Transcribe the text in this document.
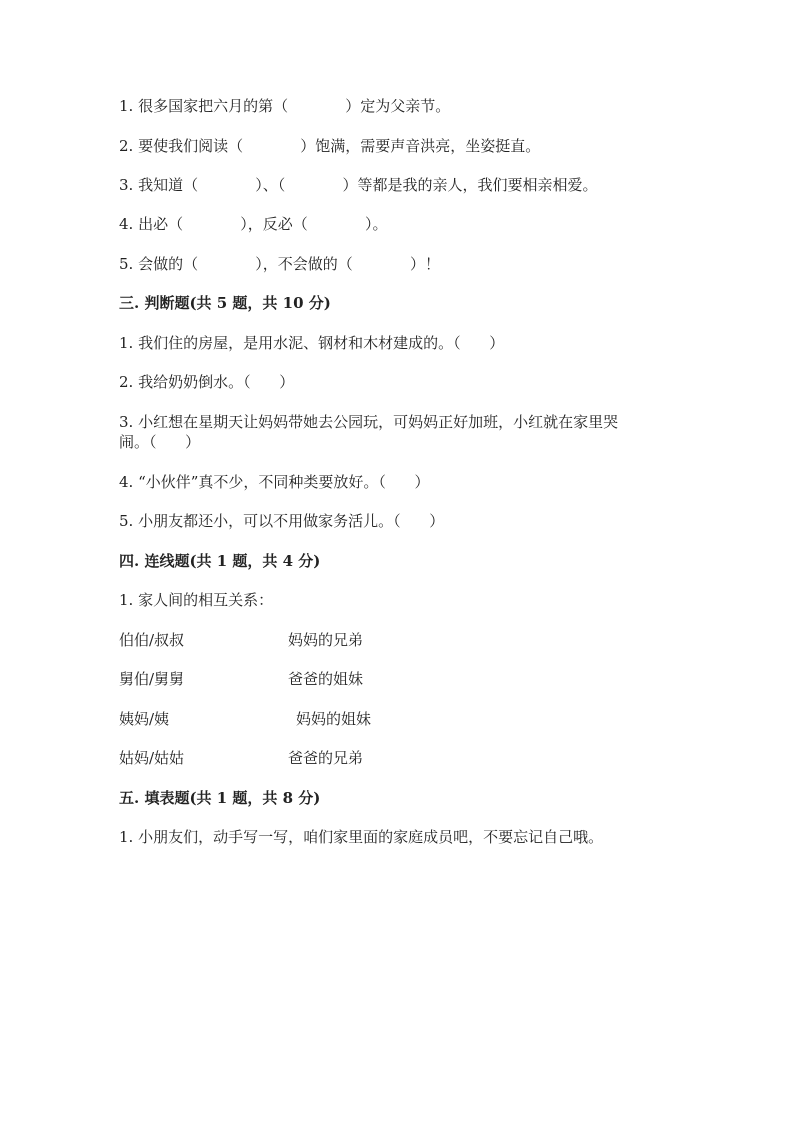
1. 很多国家把六月的第（            ）定为父亲节。
2. 要使我们阅读（            ）饱满，需要声音洪亮，坐姿挺直。
3. 我知道（            ）、（            ）等都是我的亲人，我们要相亲相爱。
4. 出必（            ），反必（            ）。
5. 会做的（            ），不会做的（            ）！
三. 判断题(共 5 题，共 10 分)
1. 我们住的房屋，是用水泥、钢材和木材建成的。（      ）
2. 我给奶奶倒水。（      ）
3. 小红想在星期天让妈妈带她去公园玩，可妈妈正好加班，小红就在家里哭
闹。（      ）
4. “小伙伴”真不少，不同种类要放好。（      ）
5. 小朋友都还小，可以不用做家务活儿。（      ）
四. 连线题(共 1 题，共 4 分)
1. 家人间的相互关系：
伯伯/叔叔	妈妈的兄弟
舅伯/舅舅	爸爸的姐妹
姨妈/姨	妈妈的姐妹
姑妈/姑姑	爸爸的兄弟
五. 填表题(共 1 题，共 8 分)
1. 小朋友们，动手写一写，咱们家里面的家庭成员吧，不要忘记自己哦。
